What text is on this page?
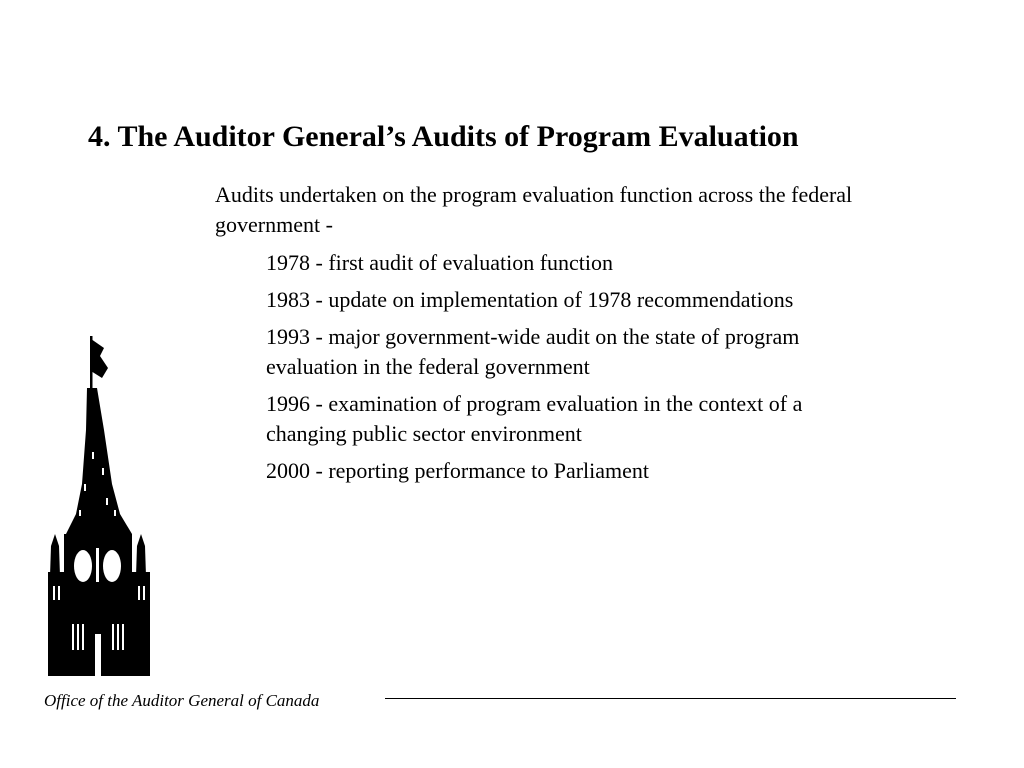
4. The Auditor General’s Audits of Program Evaluation
Audits undertaken on the program evaluation function across the federal government -
1978 - first audit of evaluation function
1983 - update on implementation of 1978 recommendations
1993 - major government-wide audit on the state of program evaluation in the federal government
1996 - examination of program evaluation in the context of a changing public sector environment
2000 - reporting performance to Parliament
Office of the Auditor General of Canada
